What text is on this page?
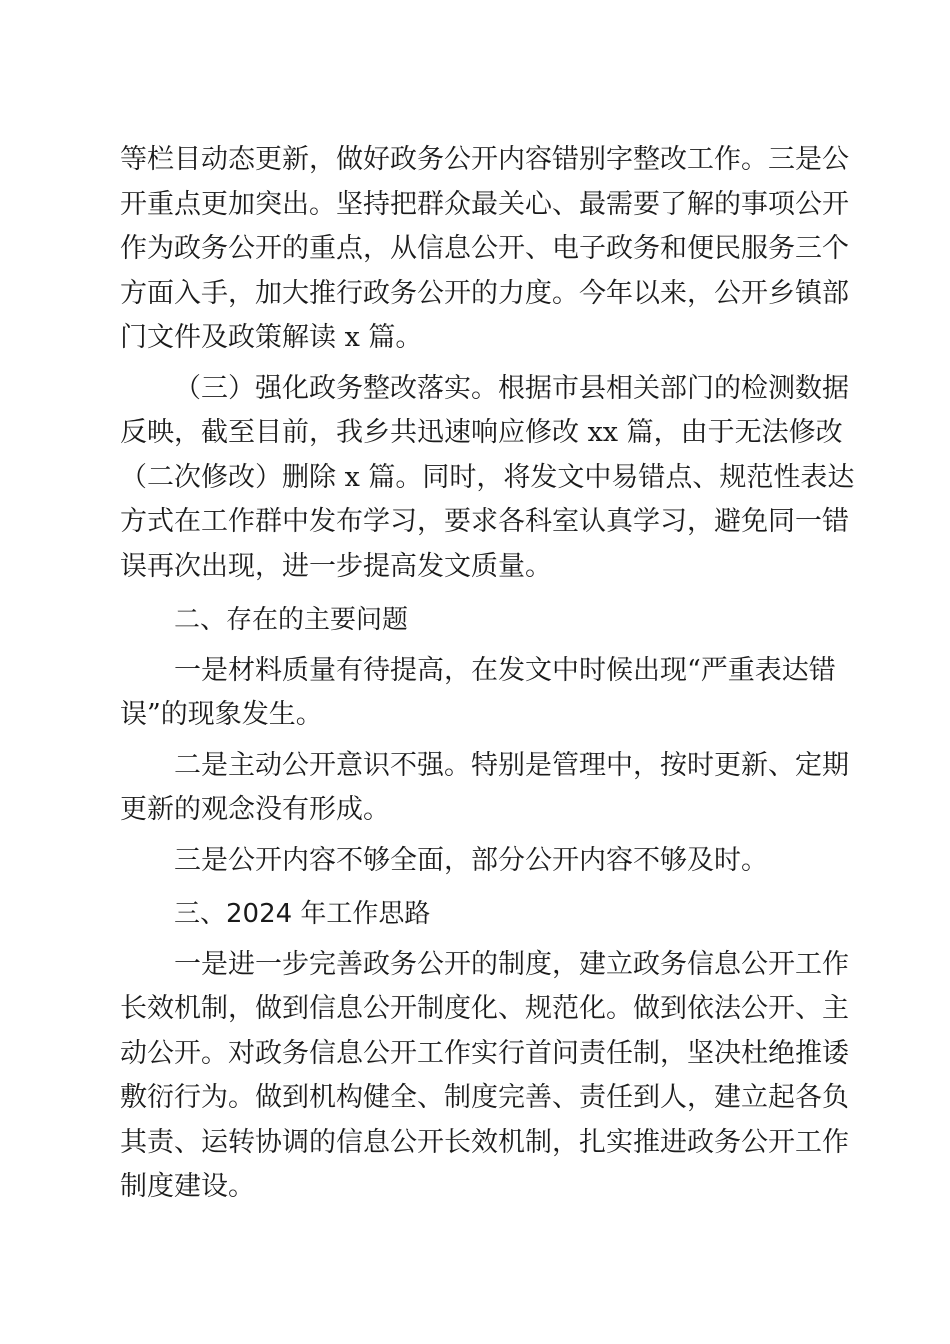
等栏目动态更新，做好政务公开内容错别字整改工作。三是公
开重点更加突出。坚持把群众最关心、最需要了解的事项公开
作为政务公开的重点，从信息公开、电子政务和便民服务三个
方面入手，加大推行政务公开的力度。今年以来，公开乡镇部
门文件及政策解读 x 篇。
（三）强化政务整改落实。根据市县相关部门的检测数据
反映，截至目前，我乡共迅速响应修改 xx 篇，由于无法修改
（二次修改）删除 x 篇。同时，将发文中易错点、规范性表达
方式在工作群中发布学习，要求各科室认真学习，避免同一错
误再次出现，进一步提高发文质量。
二、存在的主要问题
一是材料质量有待提高，在发文中时候出现“严重表达错
误”的现象发生。
二是主动公开意识不强。特别是管理中，按时更新、定期
更新的观念没有形成。
三是公开内容不够全面，部分公开内容不够及时。
三、2024 年工作思路
一是进一步完善政务公开的制度，建立政务信息公开工作
长效机制，做到信息公开制度化、规范化。做到依法公开、主
动公开。对政务信息公开工作实行首问责任制，坚决杜绝推诿
敷衍行为。做到机构健全、制度完善、责任到人，建立起各负
其责、运转协调的信息公开长效机制，扎实推进政务公开工作
制度建设。
